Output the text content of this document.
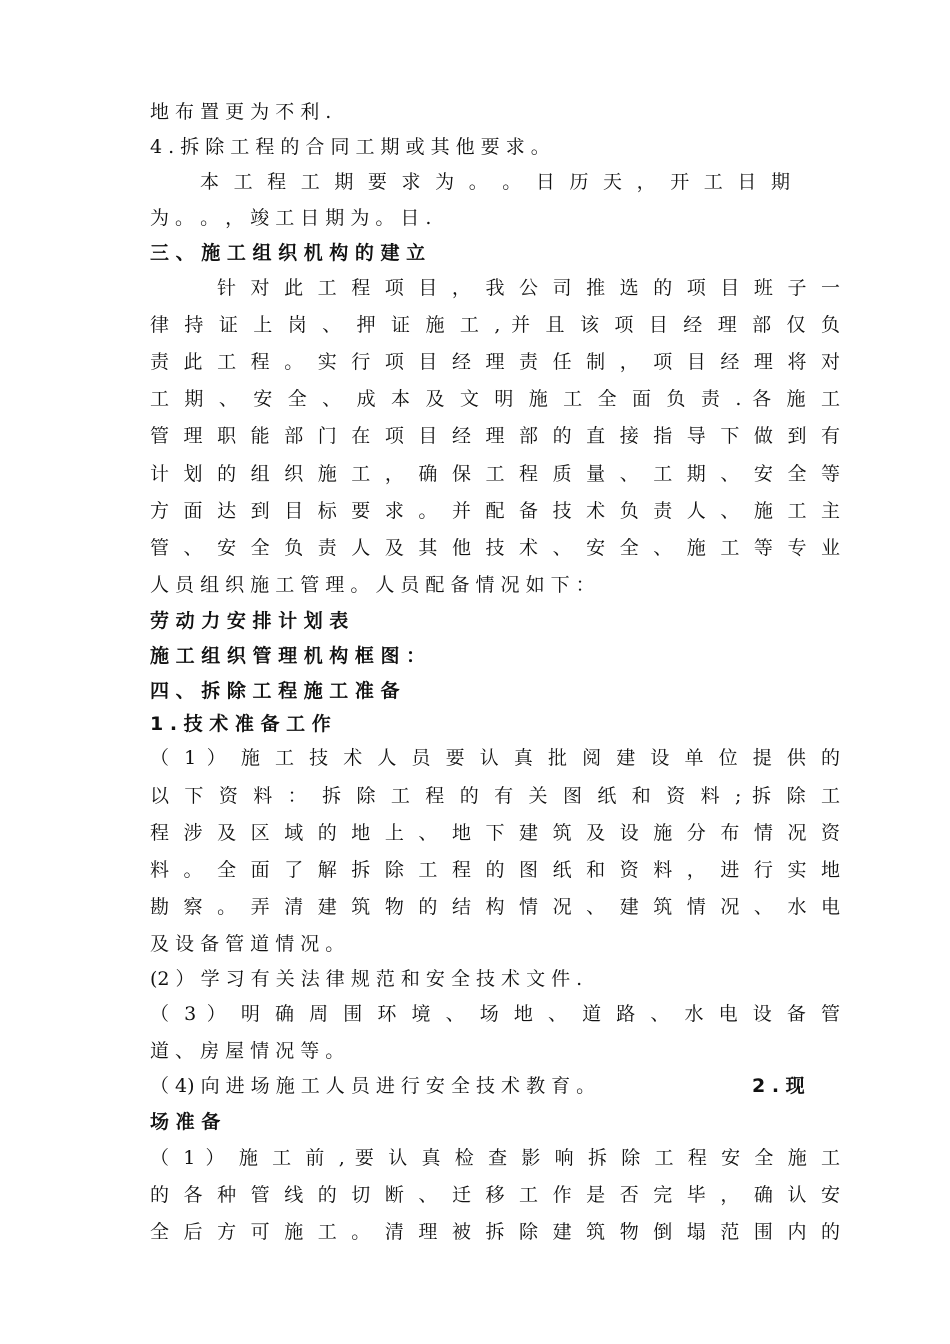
地 布 置 更 为 不 利 .
4 . 拆 除 工 程 的 合 同 工 期 或 其 他 要 求 。
本 工 程 工 期 要 求 为 。 。 日 历 天 ， 开 工 日 期
为 。 。 ， 竣 工 日 期 为 。 日 .
三 、 施 工 组 织 机 构 的 建 立
针 对 此 工 程 项 目 ， 我 公 司 推 选 的 项 目 班 子 一
律 持 证 上 岗 、 押 证 施 工 , 并 且 该 项 目 经 理 部 仅 负
责 此 工 程 。 实 行 项 目 经 理 责 任 制 ， 项 目 经 理 将 对
工 期 、 安 全 、 成 本 及 文 明 施 工 全 面 负 责 . 各 施 工
管 理 职 能 部 门 在 项 目 经 理 部 的 直 接 指 导 下 做 到 有
计 划 的 组 织 施 工 ， 确 保 工 程 质 量 、 工 期 、 安 全 等
方 面 达 到 目 标 要 求 。 并 配 备 技 术 负 责 人 、 施 工 主
管 、 安 全 负 责 人 及 其 他 技 术 、 安 全 、 施 工 等 专 业
人 员 组 织 施 工 管 理 。 人 员 配 备 情 况 如 下 ：
劳 动 力 安 排 计 划 表
施 工 组 织 管 理 机 构 框 图 ：
四 、 拆 除 工 程 施 工 准 备
1 . 技 术 准 备 工 作
（ 1 ） 施 工 技 术 人 员 要 认 真 批 阅 建 设 单 位 提 供 的
以 下 资 料 ： 拆 除 工 程 的 有 关 图 纸 和 资 料 ; 拆 除 工
程 涉 及 区 域 的 地 上 、 地 下 建 筑 及 设 施 分 布 情 况 资
料 。 全 面 了 解 拆 除 工 程 的 图 纸 和 资 料 ， 进 行 实 地
勘 察 。 弄 清 建 筑 物 的 结 构 情 况 、 建 筑 情 况 、 水 电
及 设 备 管 道 情 况 。
(2 ） 学 习 有 关 法 律 规 范 和 安 全 技 术 文 件 .
（ 3 ） 明 确 周 围 环 境 、 场 地 、 道 路 、 水 电 设 备 管
道 、 房 屋 情 况 等 。
（ 4) 向 进 场 施 工 人 员 进 行 安 全 技 术 教 育 。	2 . 现
场 准 备
（ 1 ） 施 工 前 , 要 认 真 检 查 影 响 拆 除 工 程 安 全 施 工
的 各 种 管 线 的 切 断 、 迁 移 工 作 是 否 完 毕 ， 确 认 安
全 后 方 可 施 工 。 清 理 被 拆 除 建 筑 物 倒 塌 范 围 内 的
